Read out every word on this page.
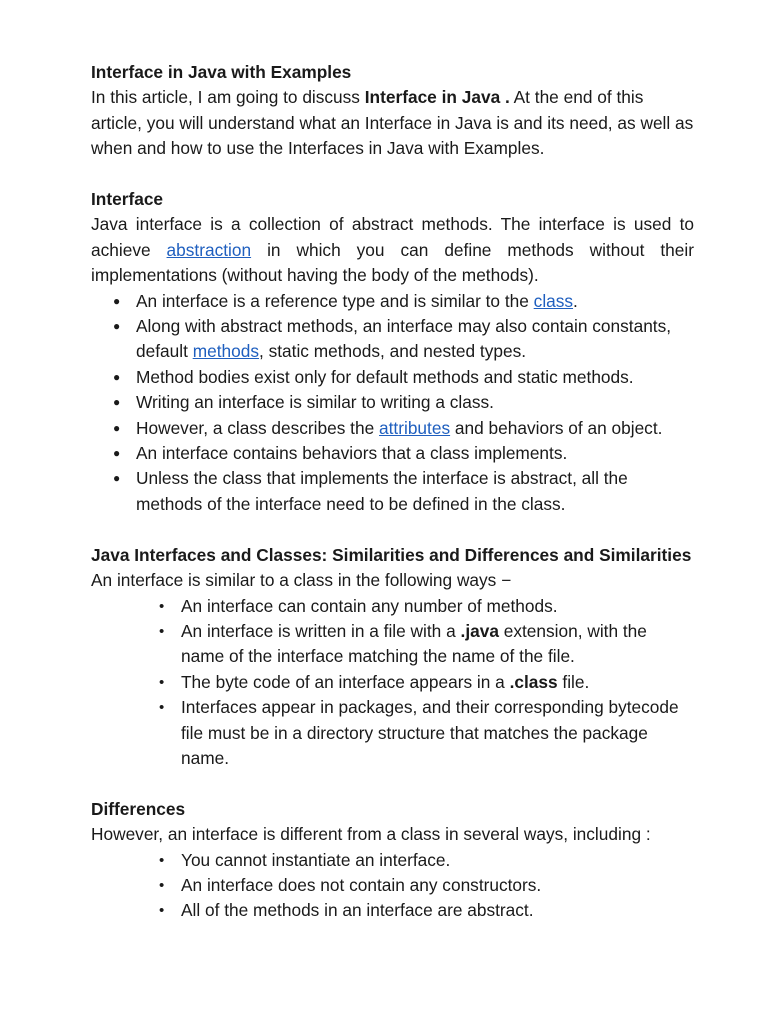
Interface in Java with Examples

In this article, I am going to discuss Interface in Java . At the end of this article, you will understand what an Interface in Java is and its need, as well as when and how to use the Interfaces in Java with Examples.

Interface

Java interface is a collection of abstract methods. The interface is used to achieve abstraction in which you can define methods without their implementations (without having the body of the methods).

● An interface is a reference type and is similar to the class.
● Along with abstract methods, an interface may also contain constants, default methods, static methods, and nested types.
● Method bodies exist only for default methods and static methods.
● Writing an interface is similar to writing a class.
● However, a class describes the attributes and behaviors of an object.
● An interface contains behaviors that a class implements.
● Unless the class that implements the interface is abstract, all the methods of the interface need to be defined in the class.

Java Interfaces and Classes: Similarities and Differences and Similarities

An interface is similar to a class in the following ways −

• An interface can contain any number of methods.
• An interface is written in a file with a .java extension, with the name of the interface matching the name of the file.
• The byte code of an interface appears in a .class file.
• Interfaces appear in packages, and their corresponding bytecode file must be in a directory structure that matches the package name.

Differences

However, an interface is different from a class in several ways, including :

• You cannot instantiate an interface.
• An interface does not contain any constructors.
• All of the methods in an interface are abstract.
